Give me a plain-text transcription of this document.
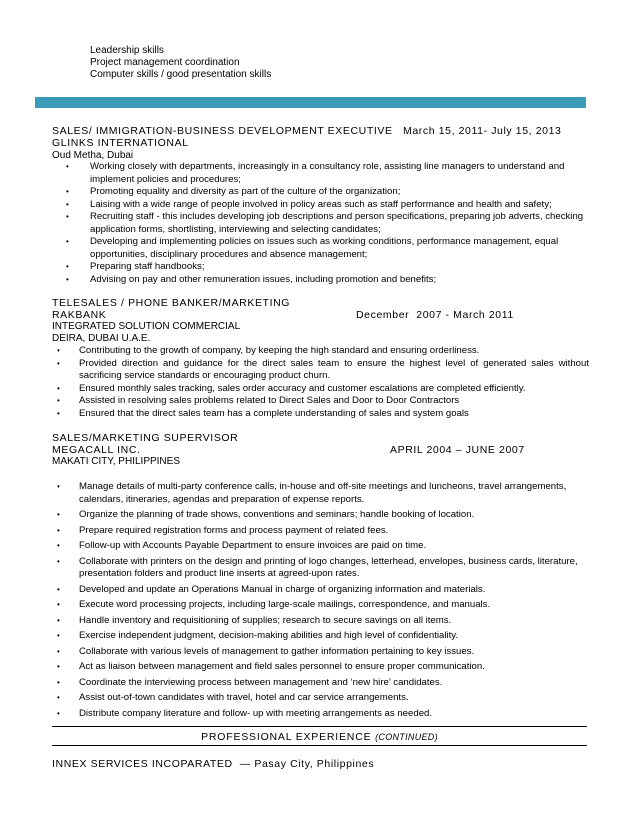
Leadership skills
Project management coordination
Computer skills / good presentation skills
SALES/ IMMIGRATION-BUSINESS DEVELOPMENT EXECUTIVE March 15, 2011- July 15, 2013
GLINKS INTERNATIONAL
Oud Metha, Dubai
• Working closely with departments, increasingly in a consultancy role, assisting line managers to understand and implement policies and procedures;
• Promoting equality and diversity as part of the culture of the organization;
• Laising with a wide range of people involved in policy areas such as staff performance and health and safety;
• Recruiting staff - this includes developing job descriptions and person specifications, preparing job adverts, checking application forms, shortlisting, interviewing and selecting candidates;
• Developing and implementing policies on issues such as working conditions, performance management, equal opportunities, disciplinary procedures and absence management;
• Preparing staff handbooks;
• Advising on pay and other remuneration issues, including promotion and benefits;
TELESALES / PHONE BANKER/MARKETING
RAKBANK	December  2007 - March 2011
INTEGRATED SOLUTION COMMERCIAL
DEIRA, DUBAI U.A.E.
• Contributing to the growth of company, by keeping the high standard and ensuring orderliness.
• Provided direction and guidance for the direct sales team to ensure the highest level of generated sales without sacrificing service standards or encouraging product churn.
• Ensured monthly sales tracking, sales order accuracy and customer escalations are completed efficiently.
• Assisted in resolving sales problems related to Direct Sales and Door to Door Contractors
• Ensured that the direct sales team has a complete understanding of sales and system goals
SALES/MARKETING SUPERVISOR
MEGACALL INC.	APRIL 2004 – JUNE 2007
MAKATI CITY, PHILIPPINES
• Manage details of multi-party conference calls, in-house and off-site meetings and luncheons, travel arrangements, calendars, itineraries, agendas and preparation of expense reports.
• Organize the planning of trade shows, conventions and seminars; handle booking of location.
• Prepare required registration forms and process payment of related fees.
• Follow-up with Accounts Payable Department to ensure invoices are paid on time.
• Collaborate with printers on the design and printing of logo changes, letterhead, envelopes, business cards, literature, presentation folders and product line inserts at agreed-upon rates.
• Developed and update an Operations Manual in charge of organizing information and materials.
• Execute word processing projects, including large-scale mailings, correspondence, and manuals.
• Handle inventory and requisitioning of supplies; research to secure savings on all items.
• Exercise independent judgment, decision-making abilities and high level of confidentiality.
• Collaborate with various levels of management to gather information pertaining to key issues.
• Act as liaison between management and field sales personnel to ensure proper communication.
• Coordinate the interviewing process between management and ‘new hire’ candidates.
• Assist out-of-town candidates with travel, hotel and car service arrangements.
• Distribute company literature and follow- up with meeting arrangements as needed.
PROFESSIONAL EXPERIENCE (CONTINUED)
INNEX SERVICES INCOPARATED  — Pasay City, Philippines
